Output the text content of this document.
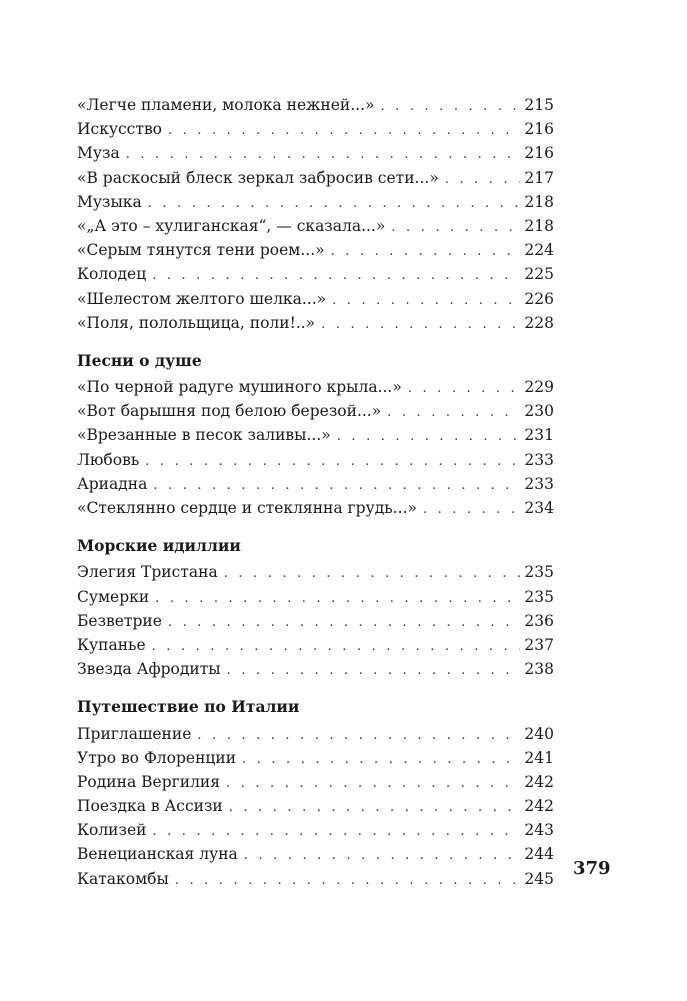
«Легче пламени, молока нежней...» . . .	215
Искусство . . .	216
Муза . . .	216
«В раскосый блеск зеркал забросив сети...» . . .	217
Музыка . . .	218
«„А это – хулиганская“, — сказала...» . . .	218
«Серым тянутся тени роем...» . . .	224
Колодец . . .	225
«Шелестом желтого шелка...» . . .	226
«Поля, полольщица, поли!..» . . .	228
Песни о душе
«По черной радуге мушиного крыла...» . . .	229
«Вот барышня под белою березой...» . . .	230
«Врезанные в песок заливы...» . . .	231
Любовь . . .	233
Ариадна . . .	233
«Стеклянно сердце и стеклянна грудь...» . . .	234
Морские идиллии
Элегия Тристана . . .	235
Сумерки . . .	235
Безветрие . . .	236
Купанье . . .	237
Звезда Афродиты . . .	238
Путешествие по Италии
Приглашение . . .	240
Утро во Флоренции . . .	241
Родина Вергилия . . .	242
Поездка в Ассизи . . .	242
Колизей . . .	243
Венецианская луна . . .	244
Катакомбы . . .	245 379
